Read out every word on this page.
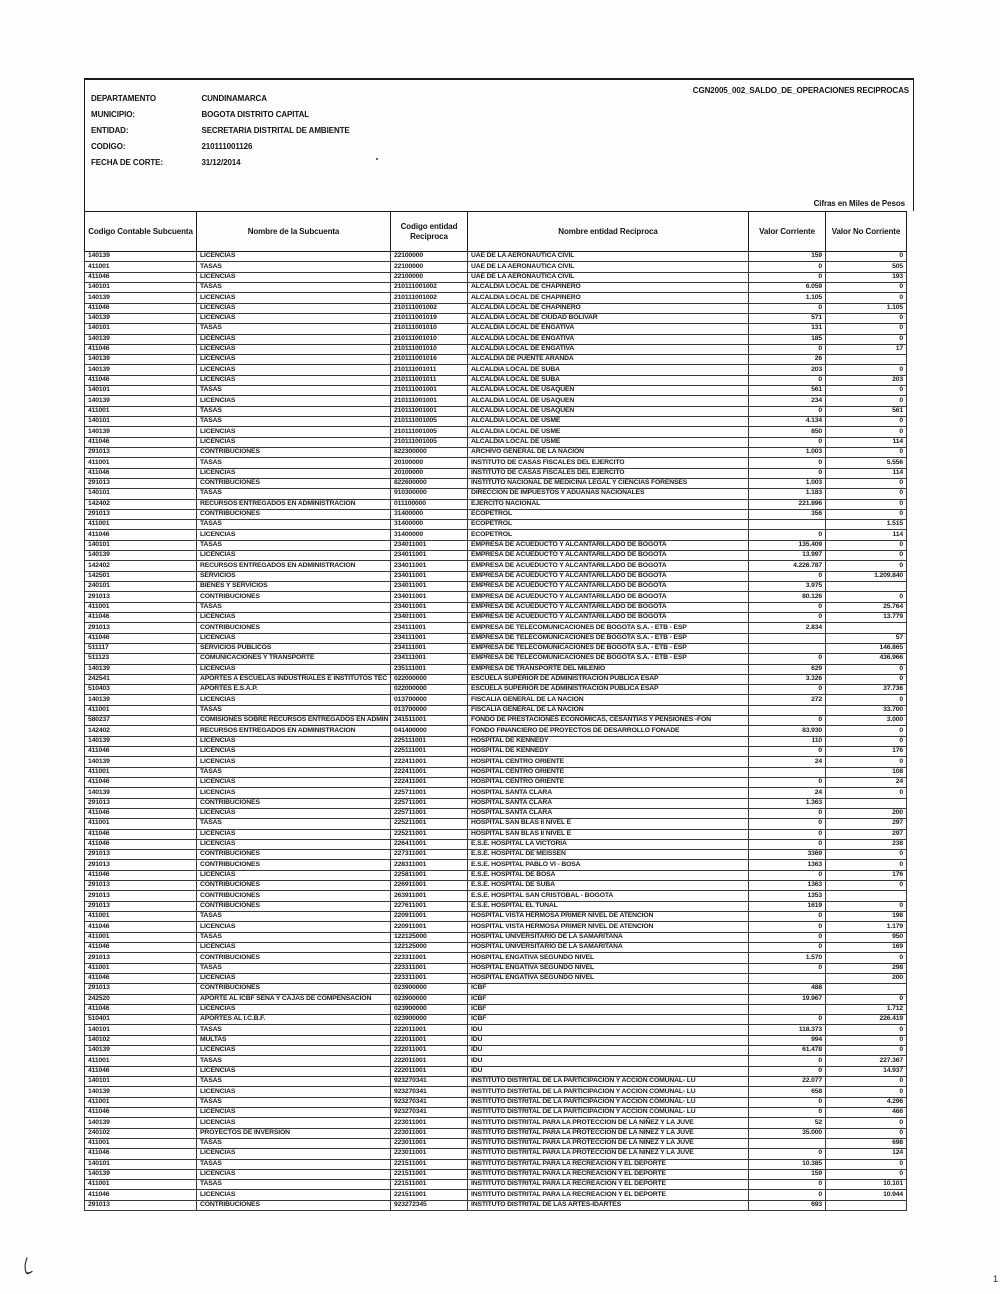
CGN2005_002_SALDO_DE_OPERACIONES RECIPROCAS
DEPARTAMENTO	CUNDINAMARCA
MUNICIPIO:	BOGOTA DISTRITO CAPITAL
ENTIDAD:	SECRETARIA DISTRITAL DE AMBIENTE
CODIGO:	210111001126
FECHA DE CORTE:	31/12/2014
Cifras en Miles de Pesos
Codigo Contable Subcuenta	Nombre de la Subcuenta	Codigo entidad Reciproca	Nombre entidad Reciproca	Valor Corriente	Valor No Corriente
140139	LICENCIAS	22100000	UAE DE LA AERONAUTICA CIVIL	159	0
411001	TASAS	22100000	UAE DE LA AERONAUTICA CIVIL	0	505
411046	LICENCIAS	22100000	UAE DE LA AERONAUTICA CIVIL	0	193
140101	TASAS	210111001002	ALCALDIA LOCAL DE CHAPINERO	6.059	0
140139	LICENCIAS	210111001002	ALCALDIA LOCAL DE CHAPINERO	1.105	0
411046	LICENCIAS	210111001002	ALCALDIA LOCAL DE CHAPINERO	0	1.105
140139	LICENCIAS	210111001019	ALCALDIA LOCAL DE CIUDAD BOLIVAR	571	0
140101	TASAS	210111001010	ALCALDIA LOCAL DE ENGATIVA	131	0
140139	LICENCIAS	210111001010	ALCALDIA LOCAL DE ENGATIVA	185	0
411046	LICENCIAS	210111001010	ALCALDIA LOCAL DE ENGATIVA	0	17
140139	LICENCIAS	210111001016	ALCALDIA DE PUENTE ARANDA	26	
140139	LICENCIAS	210111001011	ALCALDIA LOCAL DE SUBA	203	0
411046	LICENCIAS	210111001011	ALCALDIA LOCAL DE SUBA	0	203
140101	TASAS	210111001001	ALCALDIA LOCAL DE USAQUEN	561	0
140139	LICENCIAS	210111001001	ALCALDIA LOCAL DE USAQUEN	234	0
411001	TASAS	210111001001	ALCALDIA LOCAL DE USAQUEN	0	561
140101	TASAS	210111001005	ALCALDIA LOCAL DE USME	4.134	0
140139	LICENCIAS	210111001005	ALCALDIA LOCAL DE USME	850	0
411046	LICENCIAS	210111001005	ALCALDIA LOCAL DE USME	0	114
291013	CONTRIBUCIONES	822300000	ARCHIVO GENERAL DE LA NACION	1.003	0
411001	TASAS	20100000	INSTITUTO DE CASAS FISCALES DEL EJERCITO	0	5.556
411046	LICENCIAS	20100000	INSTITUTO DE CASAS FISCALES DEL EJERCITO	0	114
291013	CONTRIBUCIONES	822600000	INSTITUTO NACIONAL DE MEDICINA LEGAL Y CIENCIAS FORENSES	1.003	0
140101	TASAS	910300000	DIRECCIÓN DE IMPUESTOS Y ADUANAS NACIONALES	1.183	0
142402	RECURSOS ENTREGADOS EN ADMINISTRACION	011100000	EJERCITO NACIONAL	221.896	0
291013	CONTRIBUCIONES	31400000	ECOPETROL	356	0
411001	TASAS	31400000	ECOPETROL		1.515
411046	LICENCIAS	31400000	ECOPETROL	0	114
140101	TASAS	234011001	EMPRESA DE ACUEDUCTO Y ALCANTARILLADO DE BOGOTA	135.409	0
140139	LICENCIAS	234011001	EMPRESA DE ACUEDUCTO Y ALCANTARILLADO DE BOGOTA	13.997	0
142402	RECURSOS ENTREGADOS EN ADMINISTRACION	234011001	EMPRESA DE ACUEDUCTO Y ALCANTARILLADO DE BOGOTA	4.226.787	0
142501	SERVICIOS	234011001	EMPRESA DE ACUEDUCTO Y ALCANTARILLADO DE BOGOTA	0	1.209.840
240101	BIENES Y SERVICIOS	234011001	EMPRESA DE ACUEDUCTO Y ALCANTARILLADO DE BOGOTA	3.975	
291013	CONTRIBUCIONES	234011001	EMPRESA DE ACUEDUCTO Y ALCANTARILLADO DE BOGOTA	80.126	0
411001	TASAS	234011001	EMPRESA DE ACUEDUCTO Y ALCANTARILLADO DE BOGOTA	0	25.764
411046	LICENCIAS	234011001	EMPRESA DE ACUEDUCTO Y ALCANTARILLADO DE BOGOTA	0	13.779
291013	CONTRIBUCIONES	234111001	EMPRESA DE TELECOMUNICACIONES DE BOGOTA S.A. - ETB - ESP	2.834	
411046	LICENCIAS	234111001	EMPRESA DE TELECOMUNICACIONES DE BOGOTA S.A. - ETB - ESP		57
511117	SERVICIOS PUBLICOS	234111001	EMPRESA DE TELECOMUNICACIONES DE BOGOTA S.A. - ETB - ESP		146.865
511123	COMUNICACIONES Y TRANSPORTE	234111001	EMPRESA DE TELECOMUNICACIONES DE BOGOTA S.A. - ETB - ESP	0	436.966
140139	LICENCIAS	235111001	EMPRESA DE TRANSPORTE DEL MILENIO	629	0
242541	APORTES A ESCUELAS INDUSTRIALES E INSTITUTOS TÉC	022000000	ESCUELA SUPERIOR DE ADMINISTRACION PUBLICA ESAP	3.326	0
510403	APORTES E.S.A.P.	022000000	ESCUELA SUPERIOR DE ADMINISTRACION PUBLICA ESAP	0	37.736
140139	LICENCIAS	013700000	FISCALIA GENERAL DE LA NACION	272	0
411001	TASAS	013700000	FISCALIA GENERAL DE LA NACION		33.700
580237	COMISIONES SOBRE RECURSOS ENTREGADOS EN ADMIN	241511001	FONDO DE PRESTACIONES ECONOMICAS, CESANTIAS Y PENSIONES -FON	0	3.000
142402	RECURSOS ENTREGADOS EN ADMINISTRACION	041400000	FONDO FINANCIERO DE PROYECTOS DE DESARROLLO FONADE	83.930	0
140139	LICENCIAS	225111001	HOSPITAL DE KENNEDY	110	0
411046	LICENCIAS	225111001	HOSPITAL DE KENNEDY	0	176
140139	LICENCIAS	222411001	HOSPITAL CENTRO ORIENTE	24	0
411001	TASAS	222411001	HOSPITAL CENTRO ORIENTE		108
411046	LICENCIAS	222411001	HOSPITAL CENTRO ORIENTE	0	24
140139	LICENCIAS	225711001	HOSPITAL SANTA CLARA	24	0
291013	CONTRIBUCIONES	225711001	HOSPITAL SANTA CLARA	1.363	
411046	LICENCIAS	225711001	HOSPITAL SANTA CLARA	0	200
411001	TASAS	225211001	HOSPITAL SAN BLAS II NIVEL E	0	297
411046	LICENCIAS	225211001	HOSPITAL SAN BLAS II NIVEL E	0	297
411046	LICENCIAS	226411001	E.S.E. HOSPITAL LA VICTORIA	0	238
291013	CONTRIBUCIONES	227311001	E.S.E. HOSPITAL DE MEISSEN	3369	0
291013	CONTRIBUCIONES	228311001	E.S.E. HOSPITAL PABLO VI - BOSA	1363	0
411046	LICENCIAS	225811001	E.S.E. HOSPITAL DE BOSA	0	176
291013	CONTRIBUCIONES	226911001	E.S.E. HOSPITAL DE SUBA	1363	0
291013	CONTRIBUCIONES	263911001	E.S.E. HOSPITAL SAN CRISTOBAL - BOGOTA	1353	
291013	CONTRIBUCIONES	227611001	E.S.E. HOSPITAL EL TUNAL	1619	0
411001	TASAS	220911001	HOSPITAL VISTA HERMOSA PRIMER NIVEL DE ATENCION	0	198
411046	LICENCIAS	220911001	HOSPITAL VISTA HERMOSA PRIMER NIVEL DE ATENCION	0	1.179
411001	TASAS	122125000	HOSPITAL UNIVERSITARIO DE LA SAMARITANA	0	950
411046	LICENCIAS	122125000	HOSPITAL UNIVERSITARIO DE LA SAMARITANA	0	169
291013	CONTRIBUCIONES	223311001	HOSPITAL ENGATIVA SEGUNDO NIVEL	1.570	0
411001	TASAS	223311001	HOSPITAL ENGATIVA SEGUNDO NIVEL	0	298
411046	LICENCIAS	223311001	HOSPITAL ENGATIVA SEGUNDO NIVEL		200
291013	CONTRIBUCIONES	023900000	ICBF	488	
242520	APORTE AL ICBF SENA Y CAJAS DE COMPENSACION	023900000	ICBF	19.967	0
411046	LICENCIAS	023900000	ICBF		1.712
510401	APORTES AL I.C.B.F.	023900000	ICBF	0	226.419
140101	TASAS	222011001	IDU	118.373	0
140102	MULTAS	222011001	IDU	994	0
140139	LICENCIAS	222011001	IDU	61.478	0
411001	TASAS	222011001	IDU	0	227.367
411046	LICENCIAS	222011001	IDU	0	14.937
140101	TASAS	923270341	INSTITUTO DISTRITAL DE LA PARTICIPACION Y ACCION COMUNAL- LU	22.077	0
140139	LICENCIAS	923270341	INSTITUTO DISTRITAL DE LA PARTICIPACION Y ACCION COMUNAL- LU	658	0
411001	TASAS	923270341	INSTITUTO DISTRITAL DE LA PARTICIPACION Y ACCION COMUNAL- LU	0	4.296
411046	LICENCIAS	923270341	INSTITUTO DISTRITAL DE LA PARTICIPACION Y ACCION COMUNAL- LU	0	466
140139	LICENCIAS	223011001	INSTITUTO DISTRITAL PARA LA PROTECCION DE LA NIÑEZ Y LA JUVE	52	0
240102	PROYECTOS DE INVERSION	223011001	INSTITUTO DISTRITAL PARA LA PROTECCION DE LA NIÑEZ Y LA JUVE	35.000	0
411001	TASAS	223011001	INSTITUTO DISTRITAL PARA LA PROTECCION DE LA NIÑEZ Y LA JUVE		698
411046	LICENCIAS	223011001	INSTITUTO DISTRITAL PARA LA PROTECCION DE LA NIÑEZ Y LA JUVE	0	124
140101	TASAS	221511001	INSTITUTO DISTRITAL PARA LA RECREACION Y EL DEPORTE	10.385	0
140139	LICENCIAS	221511001	INSTITUTO DISTRITAL PARA LA RECREACION Y EL DEPORTE	159	0
411001	TASAS	221511001	INSTITUTO DISTRITAL PARA LA RECREACION Y EL DEPORTE	0	10.101
411046	LICENCIAS	221511001	INSTITUTO DISTRITAL PARA LA RECREACION Y EL DEPORTE	0	10.944
291013	CONTRIBUCIONES	923272345	INSTITUTO DISTRITAL DE LAS ARTES-IDARTES	693	
1
